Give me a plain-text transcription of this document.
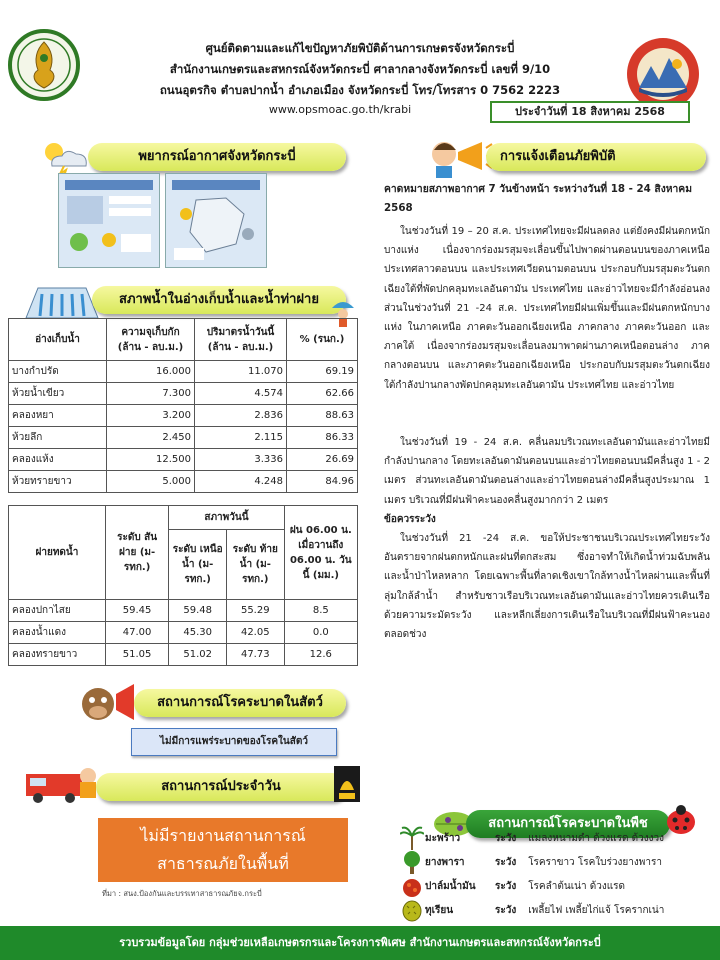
ศูนย์ติดตามและแก้ไขปัญหาภัยพิบัติด้านการเกษตรจังหวัดกระบี่
สำนักงานเกษตรและสหกรณ์จังหวัดกระบี่ ศาลากลางจังหวัดกระบี่ เลขที่ 9/10
ถนนอุตรกิจ ตำบลปากน้ำ อำเภอเมือง จังหวัดกระบี่ โทร/โทรสาร 0 7562 2223
www.opsmoac.go.th/krabi	ประจำวันที่ 18 สิงหาคม 2568
พยากรณ์อากาศจังหวัดกระบี่
สภาพน้ำในอ่างเก็บน้ำและน้ำท่าฝาย
อ่างเก็บน้ำ	ความจุเก็บกัก (ล้าน - ลบ.ม.)	ปริมาตรน้ำวันนี้ (ล้าน - ลบ.ม.)	% (รนก.)
บางกำปรัด	16.000	11.070	69.19
ห้วยน้ำเขียว	7.300	4.574	62.66
คลองหยา	3.200	2.836	88.63
ห้วยลึก	2.450	2.115	86.33
คลองแห้ง	12.500	3.336	26.69
ห้วยทรายขาว	5.000	4.248	84.96
ฝายทดน้ำ	ระดับ สันฝาย (ม-รทก.)	สภาพวันนี้		ฝน 06.00 น. เมื่อวานถึง 06.00 น. วันนี้ (มม.)
		ระดับ เหนือน้ำ (ม-รทก.)	ระดับ ท้ายน้ำ (ม-รทก.)	
คลองปกาไสย	59.45	59.48	55.29	8.5
คลองน้ำแดง	47.00	45.30	42.05	0.0
คลองทรายขาว	51.05	51.02	47.73	12.6
สถานการณ์โรคระบาดในสัตว์
ไม่มีการแพร่ระบาดของโรคในสัตว์
สถานการณ์ประจำวัน
ไม่มีรายงานสถานการณ์
สาธารณภัยในพื้นที่
ที่มา : สนง.ป้องกันและบรรเทาสาธารณภัยจ.กระบี่
การแจ้งเตือนภัยพิบัติ
คาดหมายสภาพอากาศ 7 วันข้างหน้า ระหว่างวันที่ 18 - 24 สิงหาคม 2568
ในช่วงวันที่ 19 – 20 ส.ค. ประเทศไทยจะมีฝนลดลง แต่ยังคงมีฝนตกหนักบางแห่ง เนื่องจากร่องมรสุมจะเลื่อนขึ้นไปพาดผ่านตอนบนของภาคเหนือประเทศลาวตอนบน และประเทศเวียดนามตอนบน ประกอบกับมรสุมตะวันตกเฉียงใต้ที่พัดปกคลุมทะเลอันดามัน ประเทศไทย และอ่าวไทยจะมีกำลังอ่อนลง ส่วนในช่วงวันที่ 21 -24 ส.ค. ประเทศไทยมีฝนเพิ่มขึ้นและมีฝนตกหนักบางแห่ง ในภาคเหนือ ภาคตะวันออกเฉียงเหนือ ภาคกลาง ภาคตะวันออก และภาคใต้ เนื่องจากร่องมรสุมจะเลื่อนลงมาพาดผ่านภาคเหนือตอนล่าง ภาคกลางตอนบน และภาคตะวันออกเฉียงเหนือ ประกอบกับมรสุมตะวันตกเฉียงใต้กำลังปานกลางพัดปกคลุมทะเลอันดามัน ประเทศไทย และอ่าวไทย
ในช่วงวันที่ 19 - 24 ส.ค. คลื่นลมบริเวณทะเลอันดามันและอ่าวไทยมีกำลังปานกลาง โดยทะเลอันดามันตอนบนและอ่าวไทยตอนบนมีคลื่นสูง 1 - 2 เมตร ส่วนทะเลอันดามันตอนล่างและอ่าวไทยตอนล่างมีคลื่นสูงประมาณ 1 เมตร บริเวณที่มีฝนฟ้าคะนองคลื่นสูงมากกว่า 2 เมตร
ข้อควรระวัง
ในช่วงวันที่ 21 -24 ส.ค. ขอให้ประชาชนบริเวณประเทศไทยระวังอันตรายจากฝนตกหนักและฝนที่ตกสะสม ซึ่งอาจทำให้เกิดน้ำท่วมฉับพลันและน้ำป่าไหลหลาก โดยเฉพาะพื้นที่ลาดเชิงเขาใกล้ทางน้ำไหลผ่านและพื้นที่ลุ่มใกล้ลำน้ำ สำหรับชาวเรือบริเวณทะเลอันดามันและอ่าวไทยควรเดินเรือด้วยความระมัดระวัง และหลีกเลี่ยงการเดินเรือในบริเวณที่มีฝนฟ้าคะนอง ตลอดช่วง
สถานการณ์โรคระบาดในพืช
มะพร้าว	ระวัง แมลงหนามดำ ด้วงแรด ด้วงงวง
ยางพารา	ระวัง โรคราขาว โรคใบร่วงยางพารา
ปาล์มน้ำมัน ระวัง โรคลำต้นเน่า ด้วงแรด
ทุเรียน	ระวัง เพลี้ยไฟ เพลี้ยไก่แจ้ โรครากเน่า
รวบรวมข้อมูลโดย กลุ่มช่วยเหลือเกษตรกรและโครงการพิเศษ สำนักงานเกษตรและสหกรณ์จังหวัดกระบี่
